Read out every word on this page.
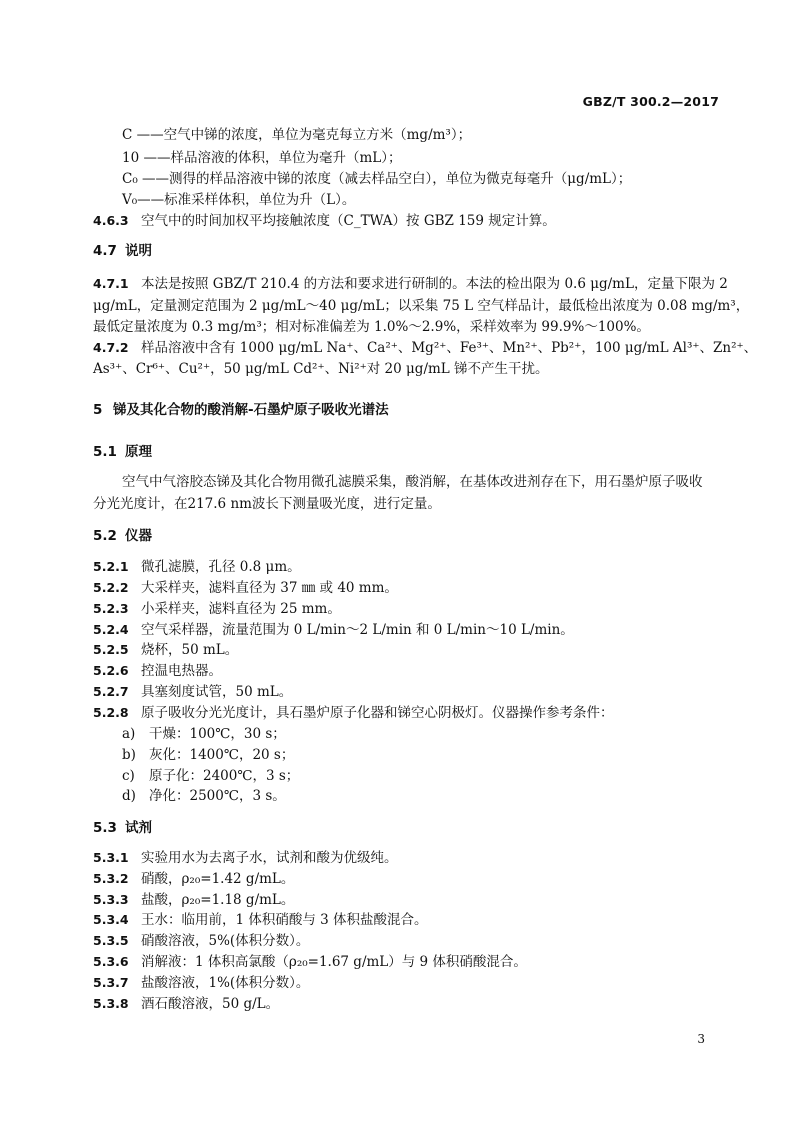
GBZ/T 300.2—2017
C ——空气中锑的浓度，单位为毫克每立方米（mg/m³）；
10 ——样品溶液的体积，单位为毫升（mL）；
C₀ ——测得的样品溶液中锑的浓度（减去样品空白），单位为微克每毫升（μg/mL）；
V₀——标准采样体积，单位为升（L）。
4.6.3 空气中的时间加权平均接触浓度（C_TWA）按 GBZ 159 规定计算。
4.7 说明
4.7.1 本法是按照 GBZ/T 210.4 的方法和要求进行研制的。本法的检出限为 0.6 μg/mL，定量下限为 2
μg/mL，定量测定范围为 2 μg/mL～40 μg/mL；以采集 75 L 空气样品计，最低检出浓度为 0.08 mg/m³，
最低定量浓度为 0.3 mg/m³；相对标准偏差为 1.0%～2.9%，采样效率为 99.9%～100%。
4.7.2 样品溶液中含有 1000 μg/mL Na⁺、Ca²⁺、Mg²⁺、Fe³⁺、Mn²⁺、Pb²⁺，100 μg/mL Al³⁺、Zn²⁺、
As³⁺、Cr⁶⁺、Cu²⁺，50 μg/mL Cd²⁺、Ni²⁺对 20 μg/mL 锑不产生干扰。
5 锑及其化合物的酸消解-石墨炉原子吸收光谱法
5.1 原理
空气中气溶胶态锑及其化合物用微孔滤膜采集，酸消解，在基体改进剂存在下，用石墨炉原子吸收
分光光度计，在217.6 nm波长下测量吸光度，进行定量。
5.2 仪器
5.2.1 微孔滤膜，孔径 0.8 μm。
5.2.2 大采样夹，滤料直径为 37 ㎜ 或 40 mm。
5.2.3 小采样夹，滤料直径为 25 mm。
5.2.4 空气采样器，流量范围为 0 L/min～2 L/min 和 0 L/min～10 L/min。
5.2.5 烧杯，50 mL。
5.2.6 控温电热器。
5.2.7 具塞刻度试管，50 mL。
5.2.8 原子吸收分光光度计，具石墨炉原子化器和锑空心阴极灯。仪器操作参考条件：
a) 干燥：100℃，30 s；
b) 灰化：1400℃，20 s；
c) 原子化：2400℃，3 s；
d) 净化：2500℃，3 s。
5.3 试剂
5.3.1 实验用水为去离子水，试剂和酸为优级纯。
5.3.2 硝酸，ρ₂₀=1.42 g/mL。
5.3.3 盐酸，ρ₂₀=1.18 g/mL。
5.3.4 王水：临用前，1 体积硝酸与 3 体积盐酸混合。
5.3.5 硝酸溶液，5%(体积分数）。
5.3.6 消解液：1 体积高氯酸（ρ₂₀=1.67 g/mL）与 9 体积硝酸混合。
5.3.7 盐酸溶液，1%(体积分数）。
5.3.8 酒石酸溶液，50 g/L。
3
